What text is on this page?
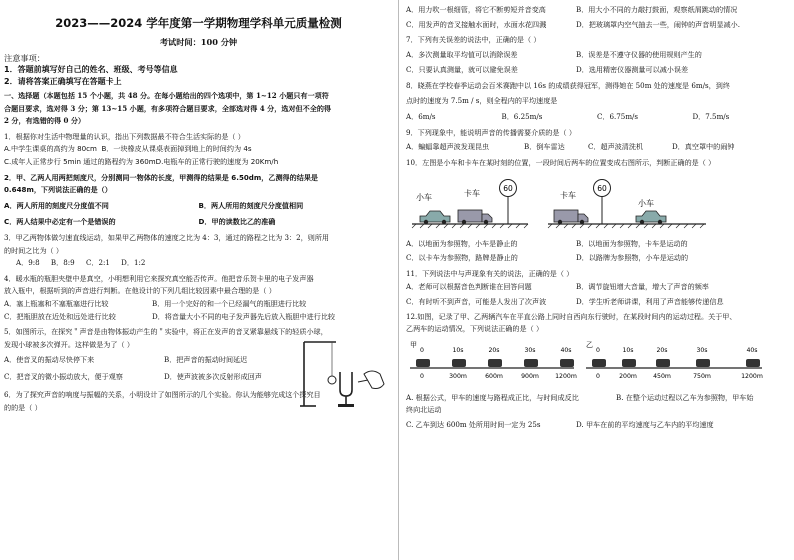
2023——2024 学年度第一学期物理学科单元质量检测
考试时间：100 分钟
注意事项：
1．答题前填写好自己的姓名、班级、考号等信息
2．请将答案正确填写在答题卡上
一、选择题（本题包括 15 个小题，共 48 分。在每小题给出的四个选项中，第 1~12 小题只有一项符
合题目要求，选对得 3 分；第 13~15 小题，有多项符合题目要求，全部选对得 4 分，选对但不全的得
2 分，有选错的得 0 分）
1．根据你对生活中物理量的认识，指出下列数据最不符合生活实际的是（ ）
A.中学生课桌的高约为 80cm B．一块橡皮从课桌表面掉到地上的时间约为 4s
C.成年人正常步行 5min 通过的路程约为 360mD.电瓶车的正常行驶的速度为 20Km/h
2．甲、乙两人用两把刻度尺，分别测同一物体的长度，甲测得的结果是 6.50dm，乙测得的结果是
0.648m，下列说法正确的是（）
A．两人所用的刻度尺分度值不同	B．两人所用的刻度尺分度值相同
C．两人结果中必定有一个是错误的	D．甲的读数比乙的准确
3．甲乙两物体做匀速直线运动，如果甲乙两物体的速度之比为 4：3，通过的路程之比为 3：2，则所用
的时间之比为（ ）
A．9:8 B．8:9 C．2:1 D．1:2
4．暖水瓶的瓶胆夹壁中是真空，小明想利用它来探究真空能否传声。他把音乐贺卡里的电子发声器
放入瓶中，根据听到的声音进行判断。在他设计的下列几组比较因素中最合理的是（ ）
A．塞上瓶塞和不塞瓶塞进行比较	B．用一个完好的和一个已经漏气的瓶胆进行比较
C．把瓶胆放在近处和远处进行比较	D．将音量大小不同的电子发声器先后放入瓶胆中进行比较
5．如图所示，在探究＂声音是由物体振动产生的＂实验中，将正在发声的音叉紧靠悬线下的轻质小球，
发现小球被多次弹开。这样做是为了（ ）
A．使音叉的振动尽快停下来	B．把声音的振动时间延迟
C．把音叉的微小振动放大，便于观察	D．使声波被多次反射形成回声
6．为了探究声音的响度与振幅的关系，小明设计了如图所示的几个实验。你认为能够完成这个探究目
的的是（ ）
A．用力吹一根细管，将它不断剪短并音变高	B．用大小不同的力敲打鼓面，观察纸屑跳动的情况
C．用发声的音叉接触水面时，水面水花四溅	D．把玻璃罩内空气抽去一些，闹钟的声音明显减小.
7．下列有关误差的说法中，正确的是（ ）
A．多次测量取平均值可以消除误差	B．误差是不遵守仪器的使用规则产生的
C．只要认真测量，就可以避免误差	D．选用精密仪器测量可以减小误差
8．晓燕在学校春季运动会百米赛跑中以 16s 的成绩获得冠军，测得她在 50m 处的速度是 6m/s，到终
点时的速度为 7.5m / s，则全程内的平均速度是
A．6m/s	B．6.25m/s	C．6.75m/s	D．7.5m/s
9．下列现象中，能说明声音的传播需要介质的是（ ）
A．蝙蝠靠超声波发现昆虫	B．倒车雷达	C．超声波清洗机	D．真空罩中的闹钟
10．左图是小车和卡车在某时刻的位置，一段时间后两车的位置变成右图所示，判断正确的是（ ）
小车	卡车
60
卡车
60
小车
A．以地面为参照物，小车是静止的	B．以地面为参照物，卡车是运动的
C．以卡车为参照物，路牌是静止的	D．以路牌为参照物，小车是运动的
11．下列说法中与声现象有关的说法，正确的是（ ）
A．老师可以根据音色判断谁在回答问题	B．调节旋钮增大音量，增大了声音的频率
C．有时听不到声音，可能是人发出了次声波	D．学生听老师讲课，利用了声音能够传递信息
12.如图，记录了甲、乙两辆汽车在平直公路上同时自西向东行驶时，在某段时间内的运动过程。关于甲、
乙两车的运动情况，下列说法正确的是（ ）
甲
0	10s	20s	30s	40s
0	300m	600m	900m	1200m
乙
0	10s	20s	30s	40s
0	200m	450m	750m	1200m
A. 根据公式，甲车的速度与路程成正比，与时间成反比	B. 在整个运动过程以乙车为参照物，甲车始
终向北运动
C. 乙车到达 600m 处所用时间一定为 25s	D. 甲车在前的平均速度与乙车内的平均速度
